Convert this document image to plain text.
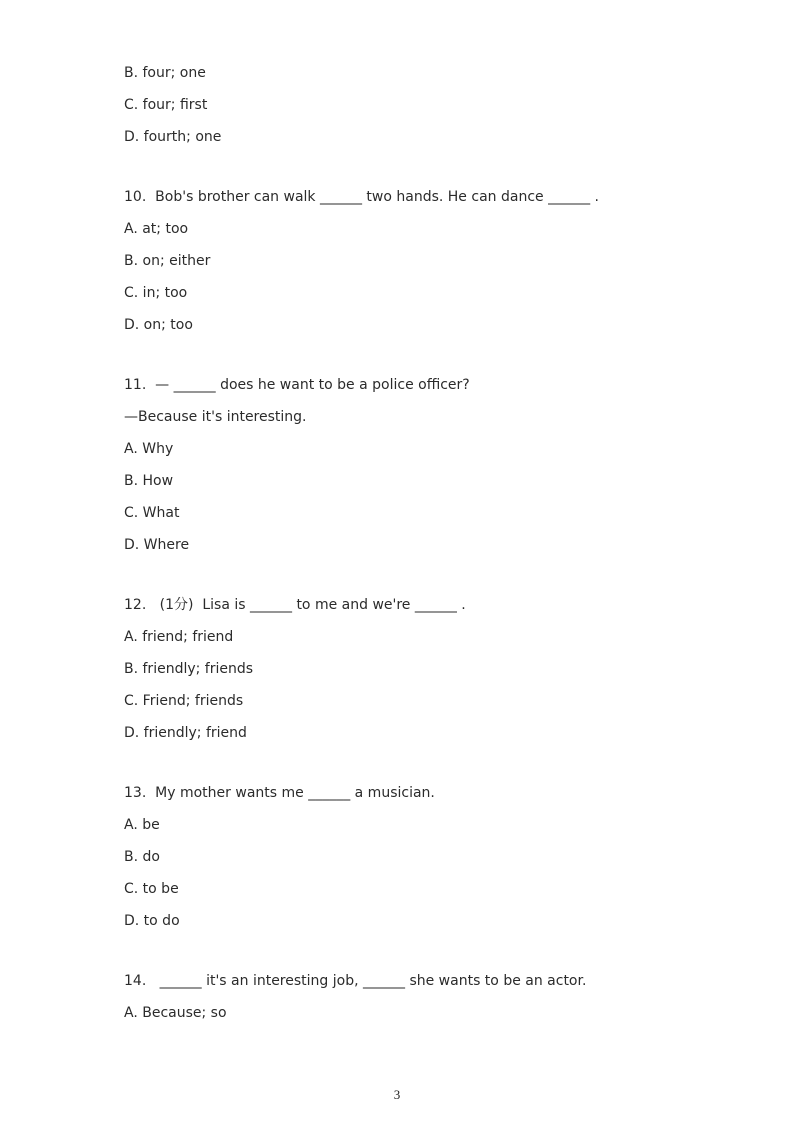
B. four; one
C. four; first
D. fourth; one
10.  Bob's brother can walk ______ two hands. He can dance ______ .
A. at; too
B. on; either
C. in; too
D. on; too
11.  — ______ does he want to be a police officer?
—Because it's interesting.
A. Why
B. How
C. What
D. Where
12.   (1分)  Lisa is ______ to me and we're ______ .
A. friend; friend
B. friendly; friends
C. Friend; friends
D. friendly; friend
13.  My mother wants me ______ a musician.
A. be
B. do
C. to be
D. to do
14.   ______ it's an interesting job, ______ she wants to be an actor.
A. Because; so
3
